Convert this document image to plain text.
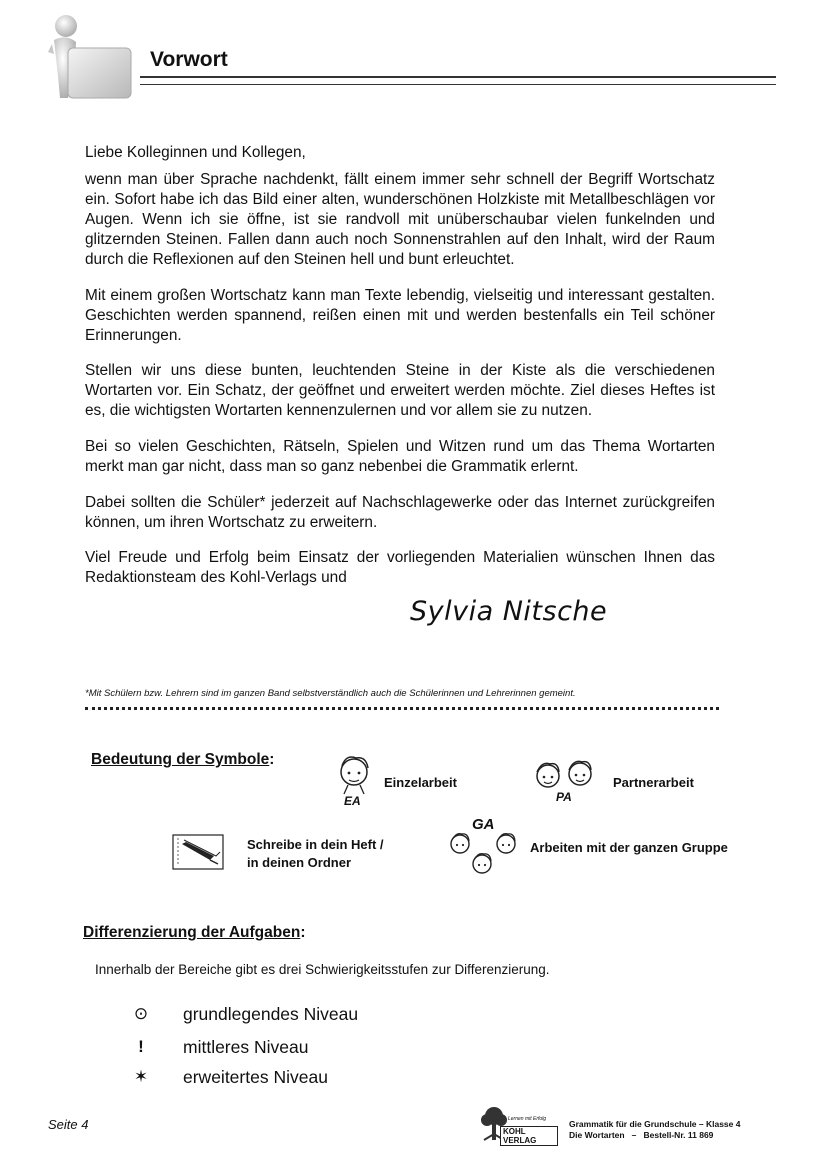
Vorwort

Liebe Kolleginnen und Kollegen,

wenn man über Sprache nachdenkt, fällt einem immer sehr schnell der Begriff Wortschatz ein. Sofort habe ich das Bild einer alten, wunderschönen Holzkiste mit Metallbeschlägen vor Augen. Wenn ich sie öffne, ist sie randvoll mit unüberschaubar vielen funkelnden und glitzernden Steinen. Fallen dann auch noch Sonnenstrahlen auf den Inhalt, wird der Raum durch die Reflexionen auf den Steinen hell und bunt erleuchtet.

Mit einem großen Wortschatz kann man Texte lebendig, vielseitig und interessant gestalten. Geschichten werden spannend, reißen einen mit und werden bestenfalls ein Teil schöner Erinnerungen.

Stellen wir uns diese bunten, leuchtenden Steine in der Kiste als die verschiedenen Wortarten vor. Ein Schatz, der geöffnet und erweitert werden möchte. Ziel dieses Heftes ist es, die wichtigsten Wortarten kennenzulernen und vor allem sie zu nutzen.

Bei so vielen Geschichten, Rätseln, Spielen und Witzen rund um das Thema Wortarten merkt man gar nicht, dass man so ganz nebenbei die Grammatik erlernt.

Dabei sollten die Schüler* jederzeit auf Nachschlagewerke oder das Internet zurückgreifen können, um ihren Wortschatz zu erweitern.

Viel Freude und Erfolg beim Einsatz der vorliegenden Materialien wünschen Ihnen das Redaktionsteam des Kohl-Verlags und

Sylvia Nitsche
*Mit Schülern bzw. Lehrern sind im ganzen Band selbstverständlich auch die Schülerinnen und Lehrerinnen gemeint.
Bedeutung der Symbole:
EA
Einzelarbeit
PA
Partnerarbeit
Schreibe in dein Heft /
in deinen Ordner
GA
Arbeiten mit der ganzen Gruppe
Differenzierung der Aufgaben:
Innerhalb der Bereiche gibt es drei Schwierigkeitsstufen zur Differenzierung.
⊙ grundlegendes Niveau
!	mittleres Niveau
✶ erweitertes Niveau
Seite 4	Lernen mit Erfolg
KOHL VERLAG
Grammatik für die Grundschule – Klasse 4
Die Wortarten   –   Bestell-Nr. 11 869
